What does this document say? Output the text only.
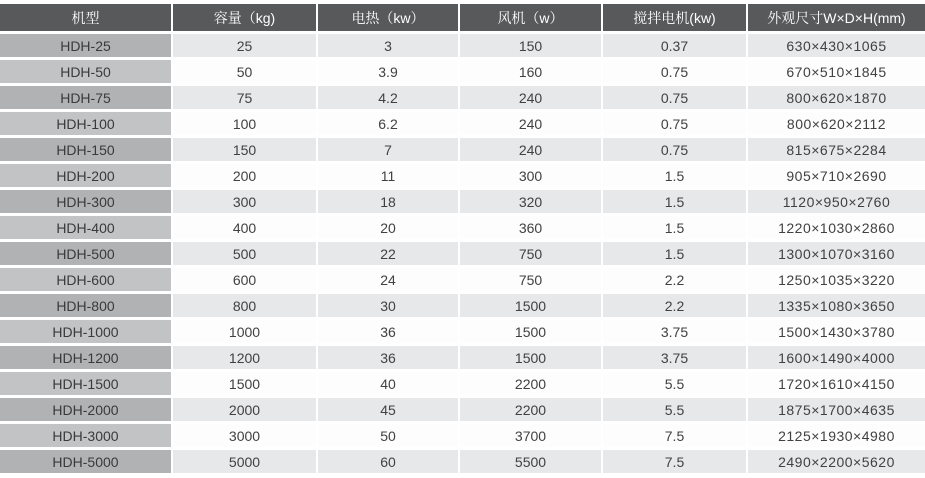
机型	容量（kg)	电热（kw）	风机（w）	搅拌电机(kw)	外观尺寸W×D×H(mm)
HDH-25	25	3	150	0.37	630×430×1065
HDH-50	50	3.9	160	0.75	670×510×1845
HDH-75	75	4.2	240	0.75	800×620×1870
HDH-100	100	6.2	240	0.75	800×620×2112
HDH-150	150	7	240	0.75	815×675×2284
HDH-200	200	11	300	1.5	905×710×2690
HDH-300	300	18	320	1.5	1120×950×2760
HDH-400	400	20	360	1.5	1220×1030×2860
HDH-500	500	22	750	1.5	1300×1070×3160
HDH-600	600	24	750	2.2	1250×1035×3220
HDH-800	800	30	1500	2.2	1335×1080×3650
HDH-1000	1000	36	1500	3.75	1500×1430×3780
HDH-1200	1200	36	1500	3.75	1600×1490×4000
HDH-1500	1500	40	2200	5.5	1720×1610×4150
HDH-2000	2000	45	2200	5.5	1875×1700×4635
HDH-3000	3000	50	3700	7.5	2125×1930×4980
HDH-5000	5000	60	5500	7.5	2490×2200×5620
